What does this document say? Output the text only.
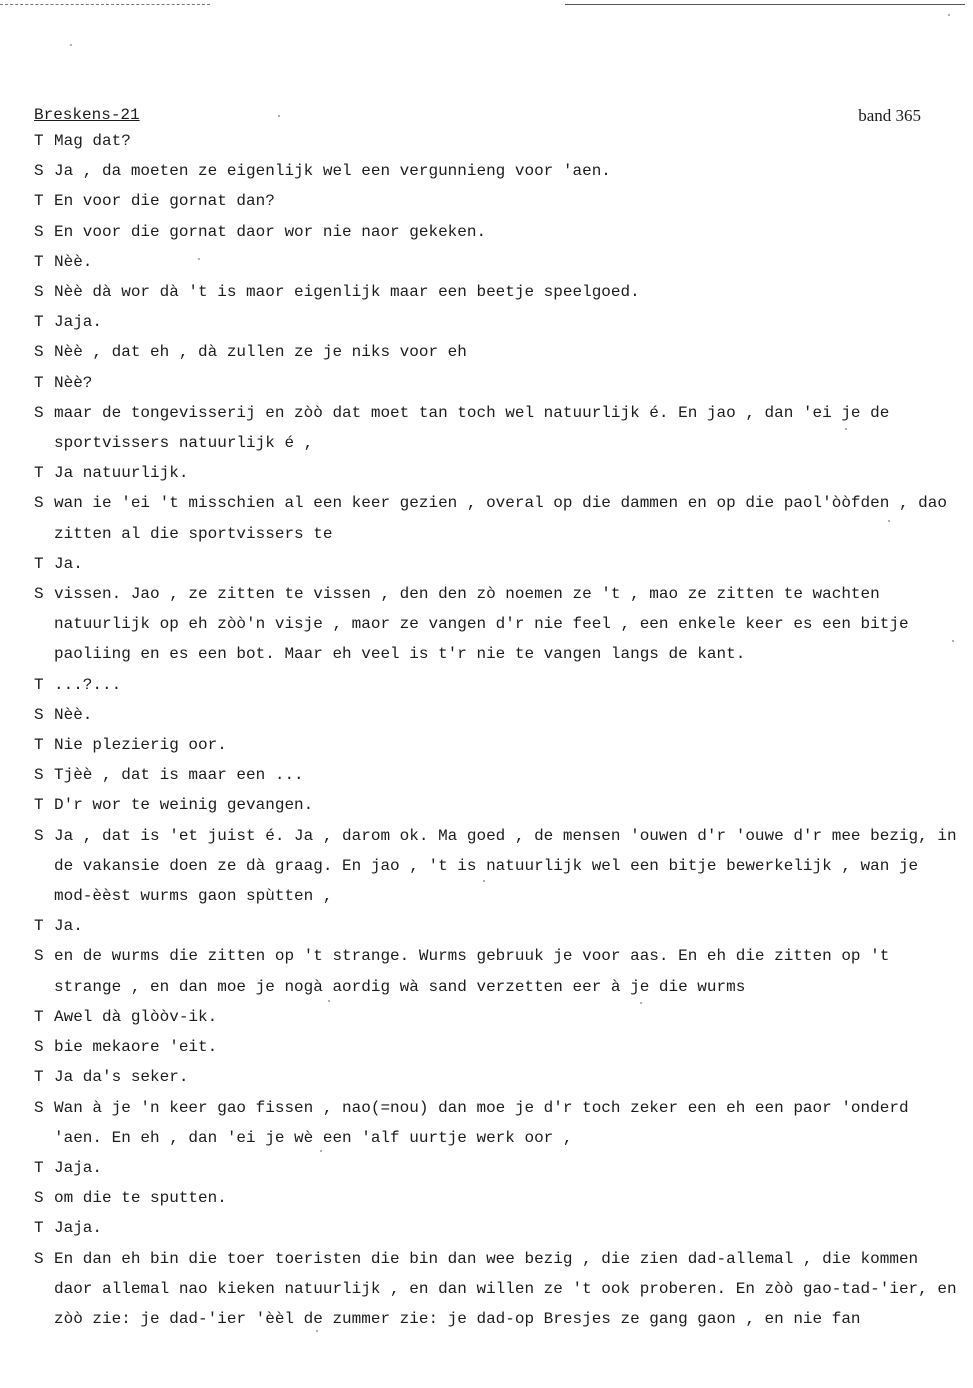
Breskens-21	band 365
T Mag dat?
S Ja , da moeten ze eigenlijk wel een vergunnieng voor 'aen.
T En voor die gornat dan?
S En voor die gornat daor wor nie naor gekeken.
T Nèè.
S Nèè dà wor dà 't is maor eigenlijk maar een beetje speelgoed.
T Jaja.
S Nèè , dat eh , dà zullen ze je niks voor eh
T Nèè?
S maar de tongevisserij en zòò dat moet tan toch wel natuurlijk é. En jao , dan 'ei je de sportvissers natuurlijk é ,
T Ja natuurlijk.
S wan ie 'ei 't misschien al een keer gezien , overal op die dammen en op die paol'òòfden , dao zitten al die sportvissers te
T Ja.
S vissen. Jao , ze zitten te vissen , den den zò noemen ze 't , mao ze zitten te wachten natuurlijk op eh zòò'n visje , maor ze vangen d'r nie feel , een enkele keer es een bitje paoliing en es een bot. Maar eh veel is t'r nie te vangen langs de kant.
T ...?...
S Nèè.
T Nie plezierig oor.
S Tjèè , dat is maar een ...
T D'r wor te weinig gevangen.
S Ja , dat is 'et juist é. Ja , darom ok. Ma goed , de mensen 'ouwen d'r 'ouwe d'r mee bezig, in de vakansie doen ze dà graag. En jao , 't is natuurlijk wel een bitje bewerkelijk , wan je mod-èèst wurms gaon spùtten ,
T Ja.
S en de wurms die zitten op 't strange. Wurms gebruuk je voor aas. En eh die zitten op 't strange , en dan moe je nogà aordig wà sand verzetten eer à je die wurms
T Awel dà glòòv-ik.
S bie mekaore 'eit.
T Ja da's seker.
S Wan à je 'n keer gao fissen , nao(=nou) dan moe je d'r toch zeker een eh een paor 'onderd 'aen. En eh , dan 'ei je wè een 'alf uurtje werk oor ,
T Jaja.
S om die te sputten.
T Jaja.
S En dan eh bin die toer toeristen die bin dan wee bezig , die zien dad-allemal , die kommen daor allemal nao kieken natuurlijk , en dan willen ze 't ook proberen. En zòò gao-tad-'ier, en zòò zie: je dad-'ier 'èèl de zummer zie: je dad-op Bresjes ze gang gaon , en nie fan
